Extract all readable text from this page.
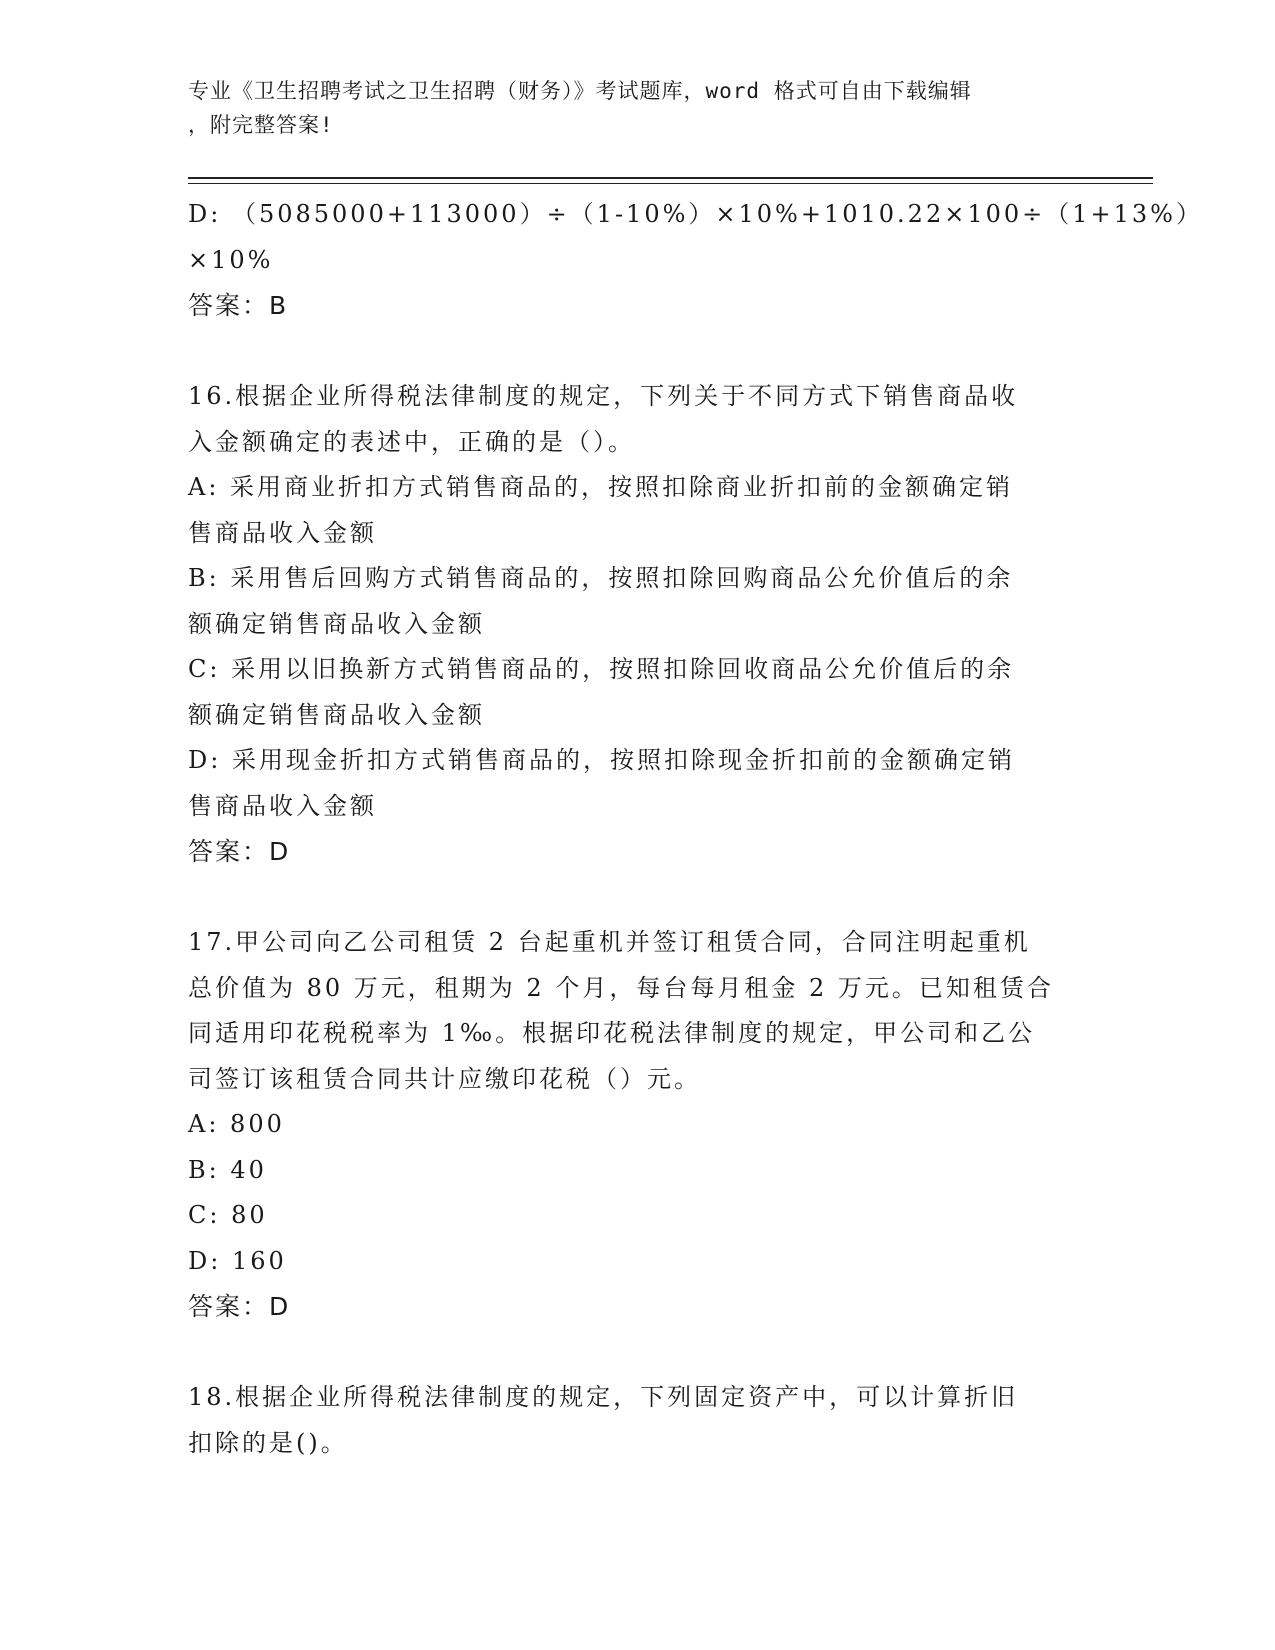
专业《卫生招聘考试之卫生招聘（财务）》考试题库，word 格式可自由下载编辑
，附完整答案!
D: （5085000+113000）÷（1-10%）×10%+1010.22×100÷（1+13%）
×10%
答案：B
16.根据企业所得税法律制度的规定，下列关于不同方式下销售商品收
入金额确定的表述中，正确的是（）。
A: 采用商业折扣方式销售商品的，按照扣除商业折扣前的金额确定销
售商品收入金额
B: 采用售后回购方式销售商品的，按照扣除回购商品公允价值后的余
额确定销售商品收入金额
C: 采用以旧换新方式销售商品的，按照扣除回收商品公允价值后的余
额确定销售商品收入金额
D: 采用现金折扣方式销售商品的，按照扣除现金折扣前的金额确定销
售商品收入金额
答案：D
17.甲公司向乙公司租赁 2 台起重机并签订租赁合同，合同注明起重机
总价值为 80 万元，租期为 2 个月，每台每月租金 2 万元。已知租赁合
同适用印花税税率为 1‰。根据印花税法律制度的规定，甲公司和乙公
司签订该租赁合同共计应缴印花税（）元。
A: 800
B: 40
C: 80
D: 160
答案：D
18.根据企业所得税法律制度的规定，下列固定资产中，可以计算折旧
扣除的是()。
